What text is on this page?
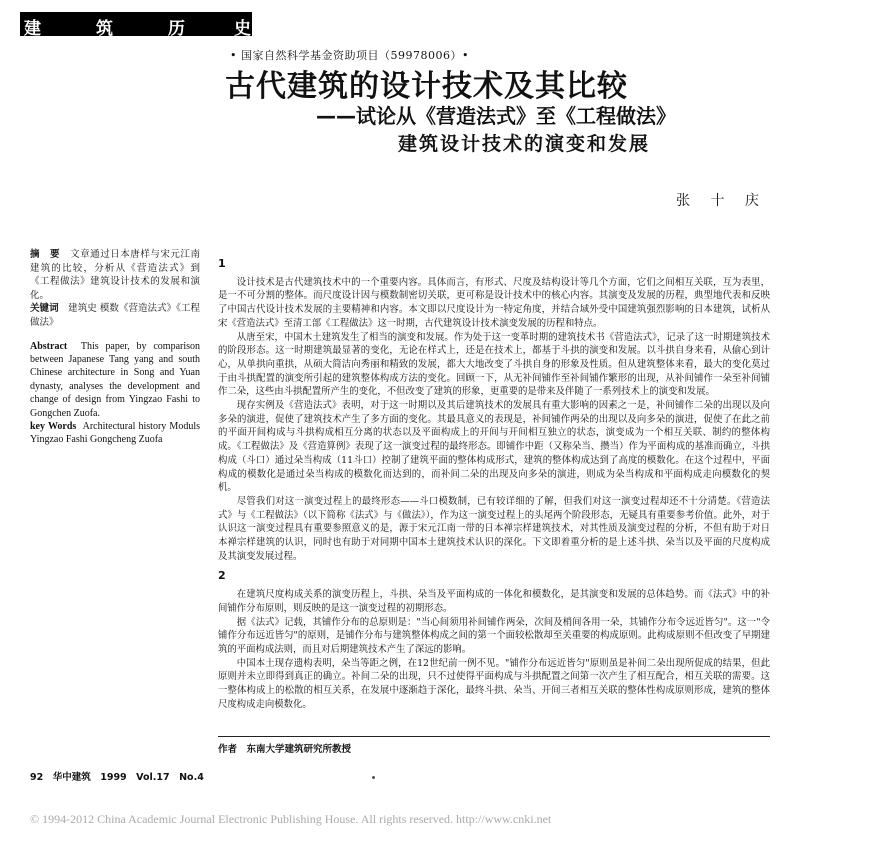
建	筑	历	史
• 国家自然科学基金资助项目（59978006）•
古代建筑的设计技术及其比较
——试论从《营造法式》至《工程做法》
建筑设计技术的演变和发展
张 十 庆

摘　要　 文章通过日本唐样与宋元江南建筑的比较，分析从《营造法式》到《工程做法》建筑设计技术的发展和演化。

关键词　 建筑史 模数《营造法式》《工程做法》

Abstract This paper, by comparison between Japanese Tang yang and south Chinese architecture in Song and Yuan dynasty, analyses the development and change of design from Yingzao Fashi to Gongchen Zuofa.

key Words Architectural history Moduls Yingzao Fashi Gongcheng Zuofa

1

设计技术是古代建筑技术中的一个重要内容。具体而言，有形式、尺度及结构设计等几个方面，它们之间相互关联，互为表里，是一不可分割的整体。而尺度设计因与模数制密切关联，更可称是设计技术中的核心内容。其演变及发展的历程，典型地代表和反映了中国古代设计技术发展的主要精神和内容。本文即以尺度设计为一特定角度，并结合域外受中国建筑强烈影响的日本建筑，试析从宋《营造法式》至清工部《工程做法》这一时期，古代建筑设计技术演变发展的历程和特点。

从唐至宋，中国木土建筑发生了相当的演变和发展。作为处于这一变革时期的建筑技术书《营造法式》，记录了这一时期建筑技术的阶段形态。这一时期建筑最显著的变化，无论在样式上，还是在技术上，都基于斗拱的演变和发展。以斗拱自身来看，从偷心到计心，从单拱向重拱，从硕大简洁向秀丽和精致的发展，都大大地改变了斗拱自身的形象及性质。但从建筑整体来看，最大的变化莫过于由斗拱配置的演变所引起的建筑整体构成方法的变化。回顾一下，从无补间铺作至补间铺作繁形的出现，从补间铺作一朵至补间铺作二朵，这些由斗拱配置所产生的变化，不但改变了建筑的形象，更重要的是带来及伴随了一系列技术上的演变和发展。

现存实例及《营造法式》表明，对于这一时期以及其后建筑技术的发展具有重大影响的因素之一是，补间铺作二朵的出现以及向多朵的演进，促使了建筑技术产生了多方面的变化。其最具意义的表现是，补间铺作两朵的出现以及向多朵的演进，促使了在此之前的平面开间构成与斗拱构成相互分离的状态以及平面构成上的开间与开间相互独立的状态，演变成为一个相互关联、制约的整体构成。《工程做法》及《营造算例》表现了这一演变过程的最终形态。即铺作中距（又称朵当、攒当）作为平面构成的基准而确立，斗拱构成（斗口）通过朵当构成（11斗口）控制了建筑平面的整体构成形式，建筑的整体构成达到了高度的模数化。在这个过程中，平面构成的模数化是通过朵当构成的模数化而达到的，而补间二朵的出现及向多朵的演进，则成为朵当构成和平面构成走向模数化的契机。

尽管我们对这一演变过程上的最终形态——斗口模数制，已有较详细的了解，但我们对这一演变过程却还不十分清楚。《营造法式》与《工程做法》（以下简称《法式》与《做法》），作为这一演变过程上的头尾两个阶段形态，无疑具有重要参考价值。此外，对于认识这一演变过程具有重要参照意义的是，源于宋元江南一带的日本禅宗样建筑技术，对其性质及演变过程的分析，不但有助于对日本禅宗样建筑的认识，同时也有助于对同期中国本土建筑技术认识的深化。下文即着重分析的是上述斗拱、朵当以及平面的尺度构成及其演变发展过程。

2

在建筑尺度构成关系的演变历程上，斗拱、朵当及平面构成的一体化和模数化，是其演变和发展的总体趋势。而《法式》中的补间铺作分布原则，则反映的是这一演变过程的初期形态。

据《法式》记载，其铺作分布的总原则是："当心间须用补间铺作两朵，次间及梢间各用一朵，其铺作分布令远近皆匀"。这一"令铺作分布远近皆匀"的原则，是铺作分布与建筑整体构成之间的第一个面较松散却至关重要的构成原则。此构成原则不但改变了早期建筑的平面构成法则，而且对后期建筑技术产生了深远的影响。

中国本土现存遗构表明，朵当等距之例，在12世纪前一例不见。"铺作分布远近皆匀"原则虽是补间二朵出现所促成的结果，但此原则并未立即得到真正的确立。补间二朵的出现，只不过使得平面构成与斗拱配置之间第一次产生了相互配合，相互关联的需要。这一整体构成上的松散的相互关系，在发展中逐渐趋于深化，最终斗拱、朵当、开间三者相互关联的整体性构成原则形成，建筑的整体尺度构成走向模数化。

作者　东南大学建筑研究所教授
92　华中建筑　1999　Vol.17　No.4
© 1994-2012 China Academic Journal Electronic Publishing House. All rights reserved. http://www.cnki.net
